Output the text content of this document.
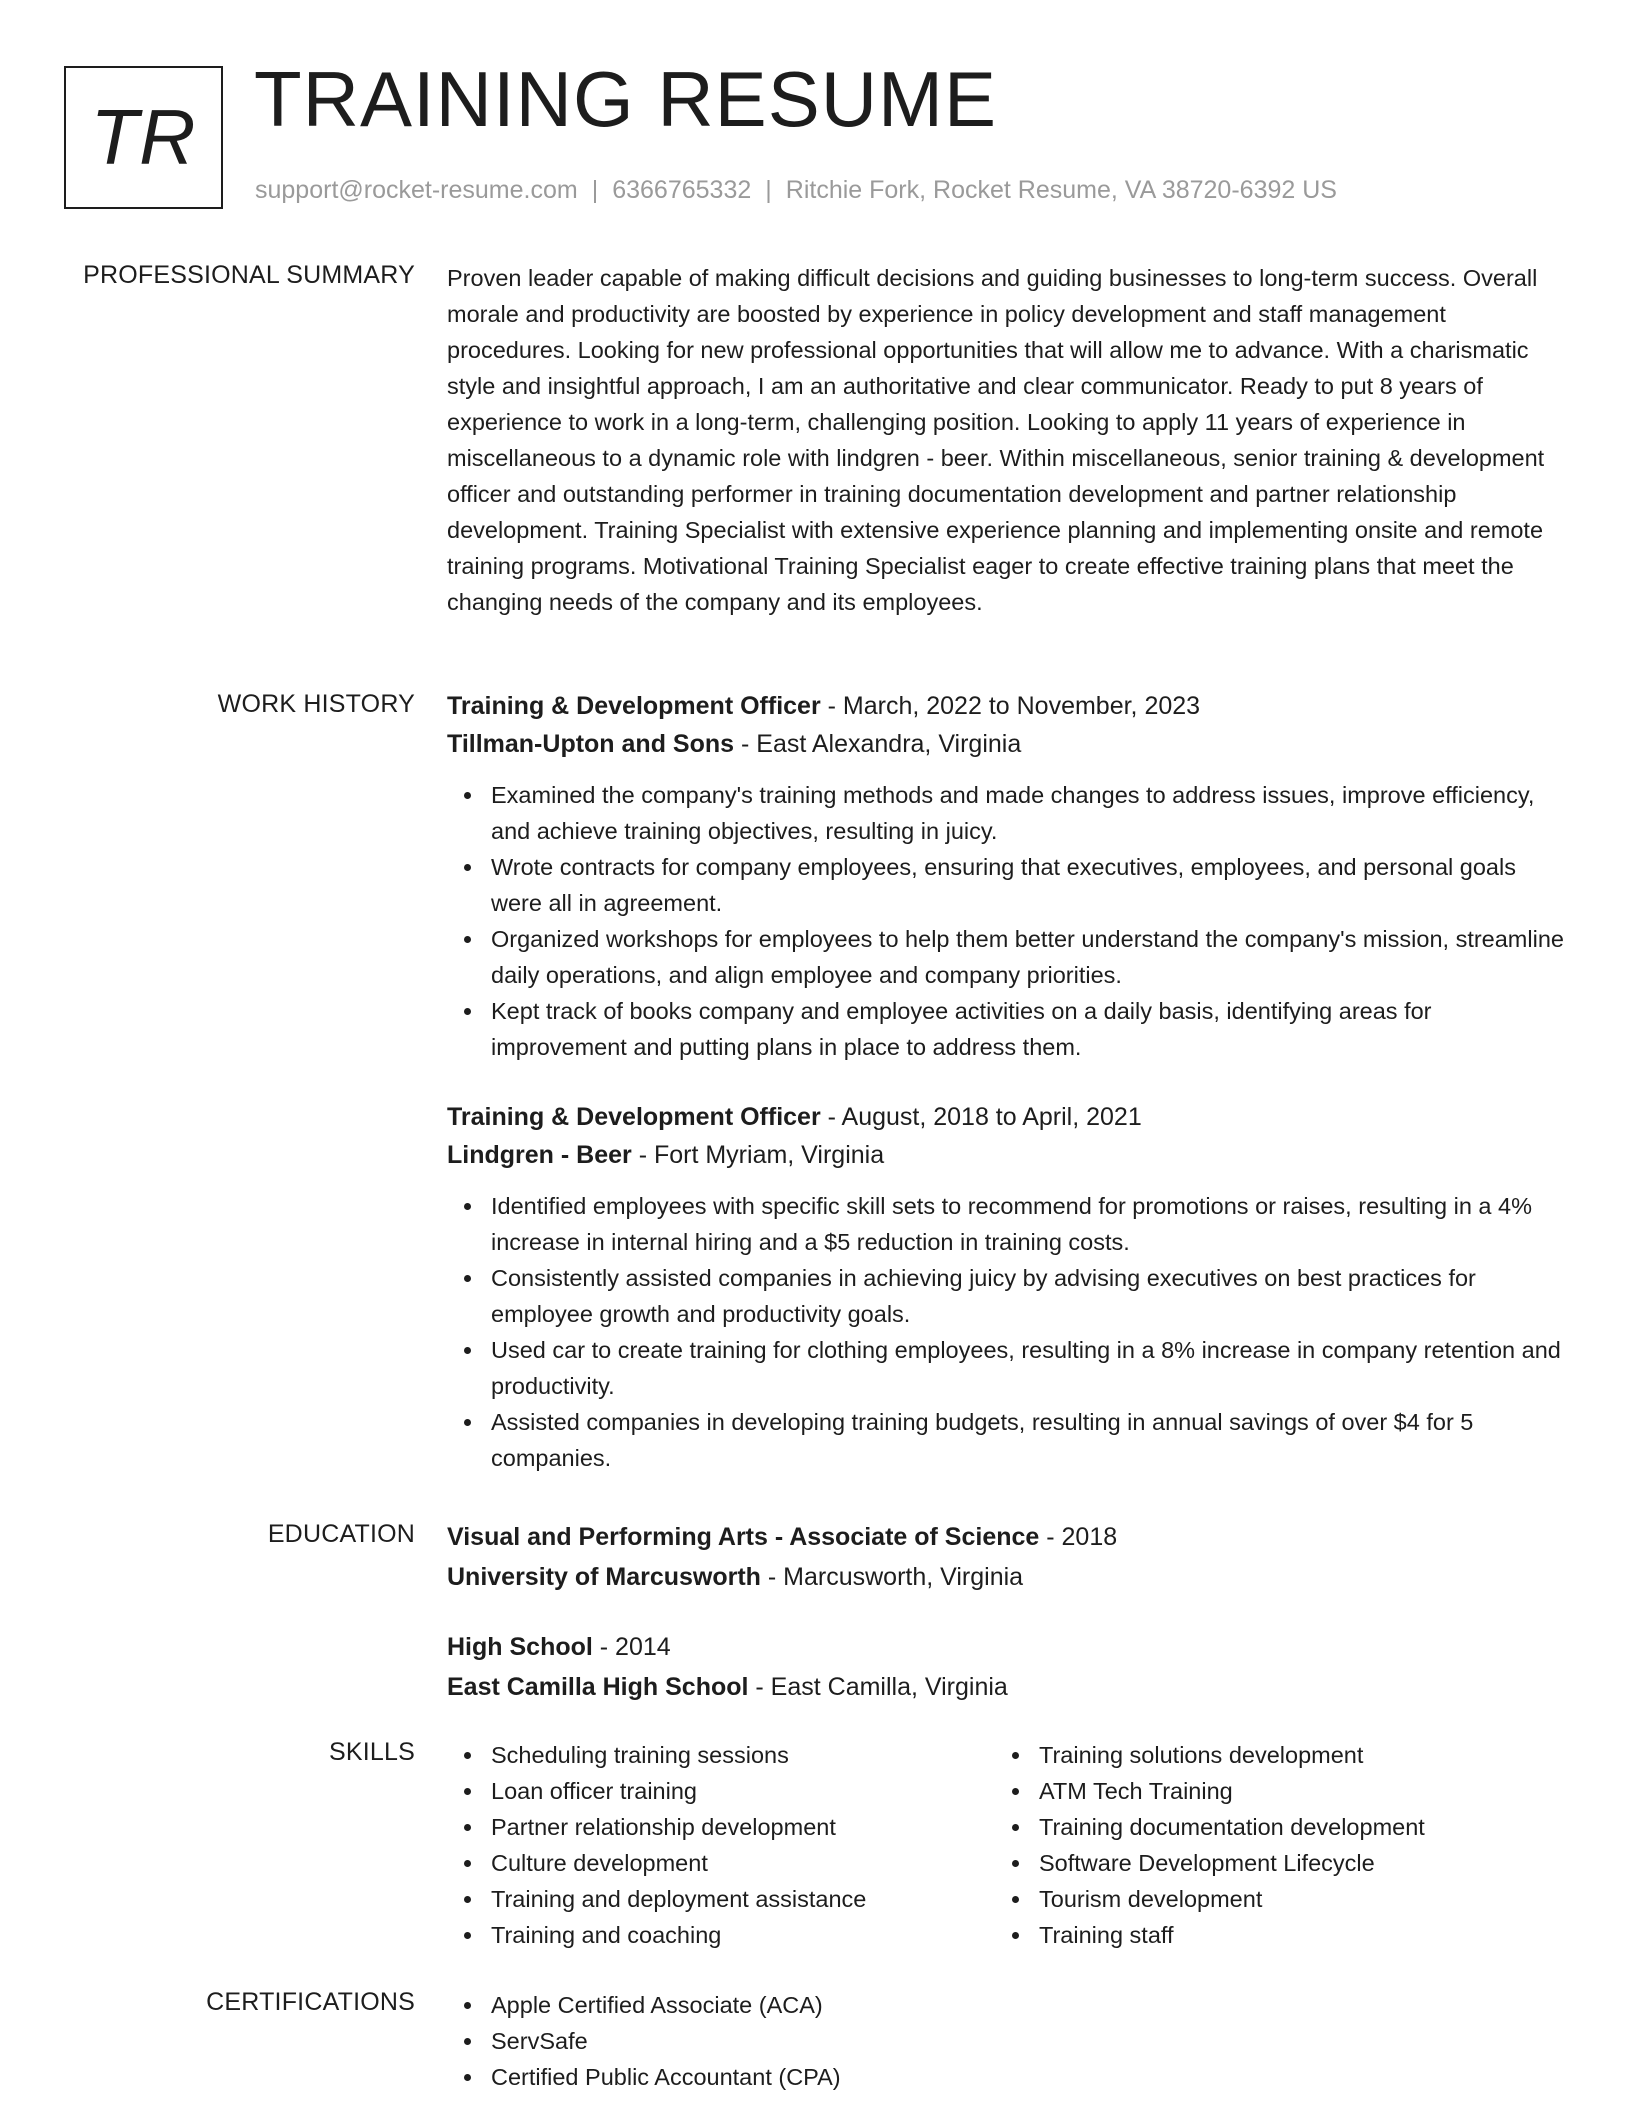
TR TRAINING RESUME
support@rocket-resume.com | 6366765332 | Ritchie Fork, Rocket Resume, VA 38720-6392 US
PROFESSIONAL SUMMARY Proven leader capable of making difficult decisions and guiding businesses to long-term success. Overall morale and productivity are boosted by experience in policy development and staff management procedures. Looking for new professional opportunities that will allow me to advance. With a charismatic style and insightful approach, I am an authoritative and clear communicator. Ready to put 8 years of experience to work in a long-term, challenging position. Looking to apply 11 years of experience in miscellaneous to a dynamic role with lindgren - beer. Within miscellaneous, senior training & development officer and outstanding performer in training documentation development and partner relationship development. Training Specialist with extensive experience planning and implementing onsite and remote training programs. Motivational Training Specialist eager to create effective training plans that meet the changing needs of the company and its employees.
WORK HISTORY Training & Development Officer - March, 2022 to November, 2023
Tillman-Upton and Sons - East Alexandra, Virginia
Examined the company's training methods and made changes to address issues, improve efficiency, and achieve training objectives, resulting in juicy.
Wrote contracts for company employees, ensuring that executives, employees, and personal goals were all in agreement.
Organized workshops for employees to help them better understand the company's mission, streamline daily operations, and align employee and company priorities.
Kept track of books company and employee activities on a daily basis, identifying areas for improvement and putting plans in place to address them.
Training & Development Officer - August, 2018 to April, 2021
Lindgren - Beer - Fort Myriam, Virginia
Identified employees with specific skill sets to recommend for promotions or raises, resulting in a 4% increase in internal hiring and a $5 reduction in training costs.
Consistently assisted companies in achieving juicy by advising executives on best practices for employee growth and productivity goals.
Used car to create training for clothing employees, resulting in a 8% increase in company retention and productivity.
Assisted companies in developing training budgets, resulting in annual savings of over $4 for 5 companies.
EDUCATION Visual and Performing Arts - Associate of Science - 2018
University of Marcusworth - Marcusworth, Virginia
High School - 2014
East Camilla High School - East Camilla, Virginia
SKILLS	Scheduling training sessions
Loan officer training
Partner relationship development
Culture development
Training and deployment assistance
Training and coaching
Training solutions development
ATM Tech Training
Training documentation development
Software Development Lifecycle
Tourism development
Training staff
CERTIFICATIONS	Apple Certified Associate (ACA)
ServSafe
Certified Public Accountant (CPA)
